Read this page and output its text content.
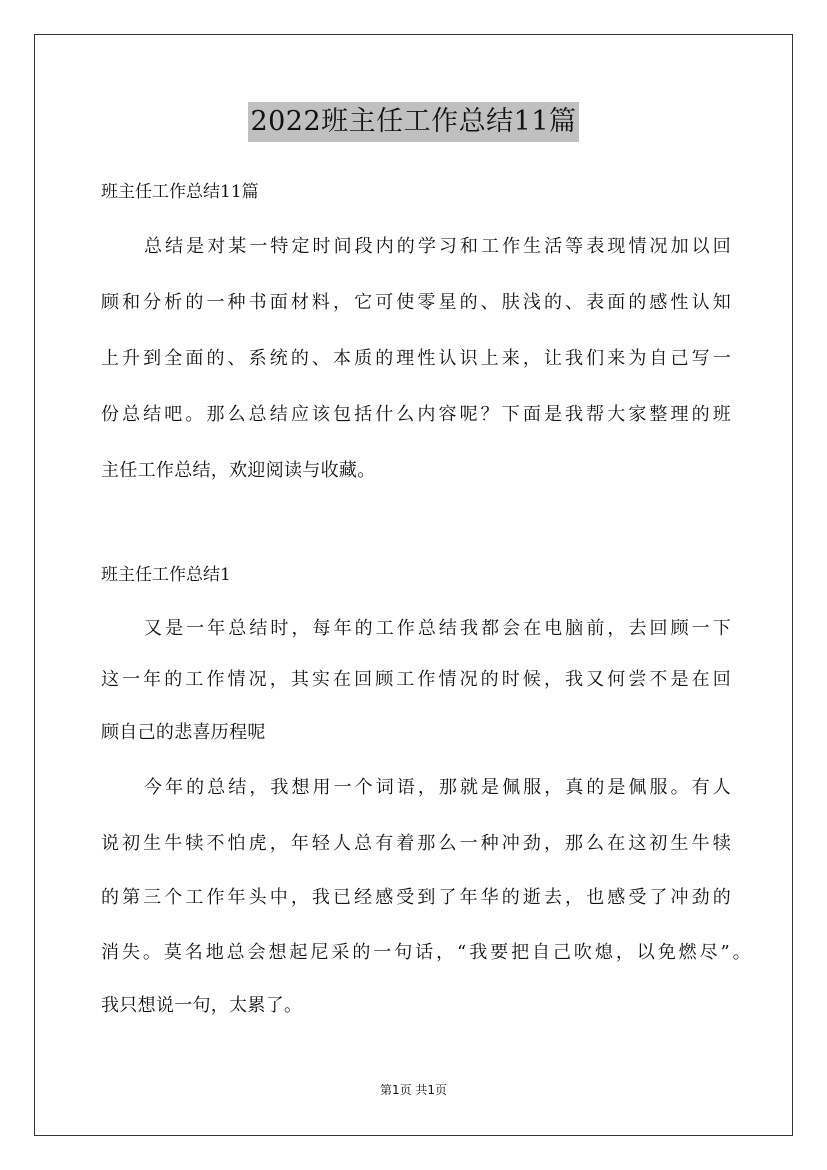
2022班主任工作总结11篇

班主任工作总结11篇

总结是对某一特定时间段内的学习和工作生活等表现情况加以回

顾和分析的一种书面材料，它可使零星的、肤浅的、表面的感性认知

上升到全面的、系统的、本质的理性认识上来，让我们来为自己写一

份总结吧。那么总结应该包括什么内容呢？下面是我帮大家整理的班

主任工作总结，欢迎阅读与收藏。

班主任工作总结1

又是一年总结时，每年的工作总结我都会在电脑前，去回顾一下

这一年的工作情况，其实在回顾工作情况的时候，我又何尝不是在回

顾自己的悲喜历程呢

今年的总结，我想用一个词语，那就是佩服，真的是佩服。有人

说初生牛犊不怕虎，年轻人总有着那么一种冲劲，那么在这初生牛犊

的第三个工作年头中，我已经感受到了年华的逝去，也感受了冲劲的

消失。莫名地总会想起尼采的一句话，“我要把自己吹熄，以免燃尽”。

我只想说一句，太累了。

第1页 共1页
